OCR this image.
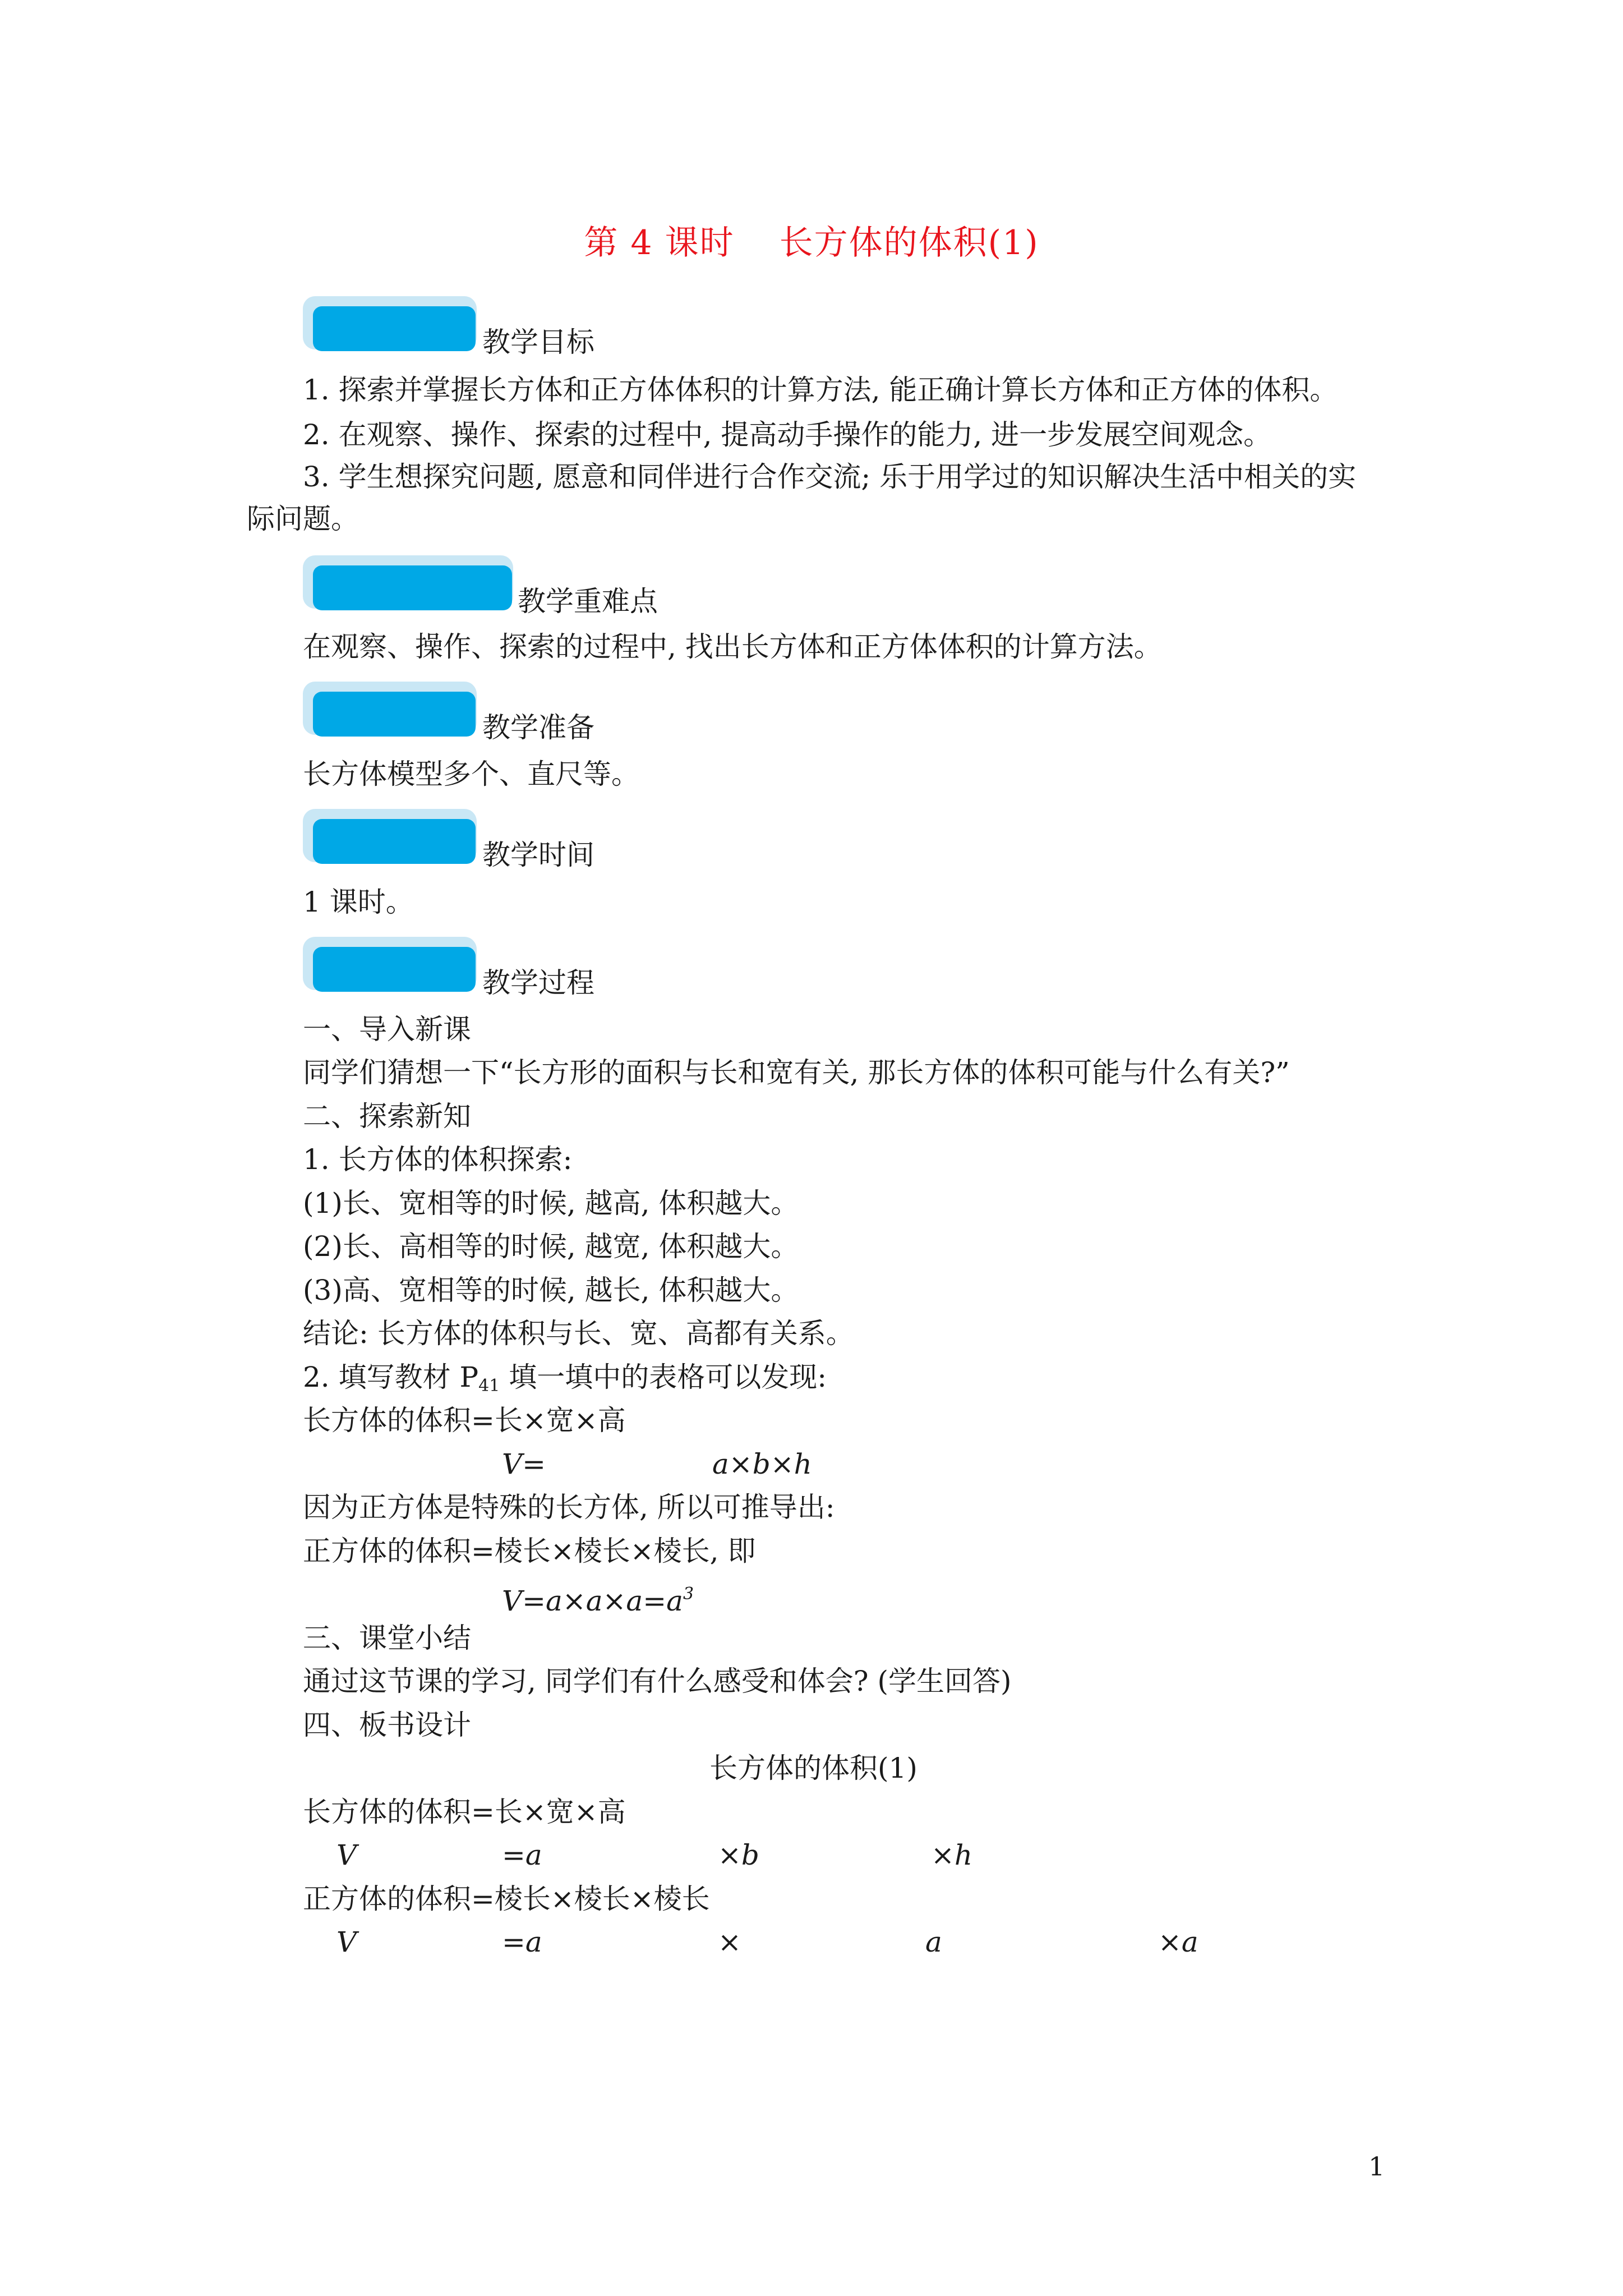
第 4 课时 长方体的体积(1)
教学目标
1. 探索并掌握长方体和正方体体积的计算方法, 能正确计算长方体和正方体的体积。
2. 在观察、操作、探索的过程中, 提高动手操作的能力, 进一步发展空间观念。
3. 学生想探究问题, 愿意和同伴进行合作交流; 乐于用学过的知识解决生活中相关的实
际问题。
教学重难点
在观察、操作、探索的过程中, 找出长方体和正方体体积的计算方法。
教学准备
长方体模型多个、直尺等。
教学时间
1 课时。
教学过程
一、导入新课
同学们猜想一下“长方形的面积与长和宽有关, 那长方体的体积可能与什么有关?”
二、探索新知
1. 长方体的体积探索:
(1)长、宽相等的时候, 越高, 体积越大。
(2)长、高相等的时候, 越宽, 体积越大。
(3)高、宽相等的时候, 越长, 体积越大。
结论: 长方体的体积与长、宽、高都有关系。
2. 填写教材 $P_{41}$ 填一填中的表格可以发现:
长方体的体积=长×宽×高
V=	a×b×h
因为正方体是特殊的长方体, 所以可推导出:
正方体的体积=棱长×棱长×棱长, 即
$V=a\times a\times a=a^3$
三、课堂小结
通过这节课的学习, 同学们有什么感受和体会? (学生回答)
四、板书设计
长方体的体积(1)
长方体的体积=长×宽×高
V	=a	×b	×h
正方体的体积=棱长×棱长×棱长
V	=a	×	a	×a
1
